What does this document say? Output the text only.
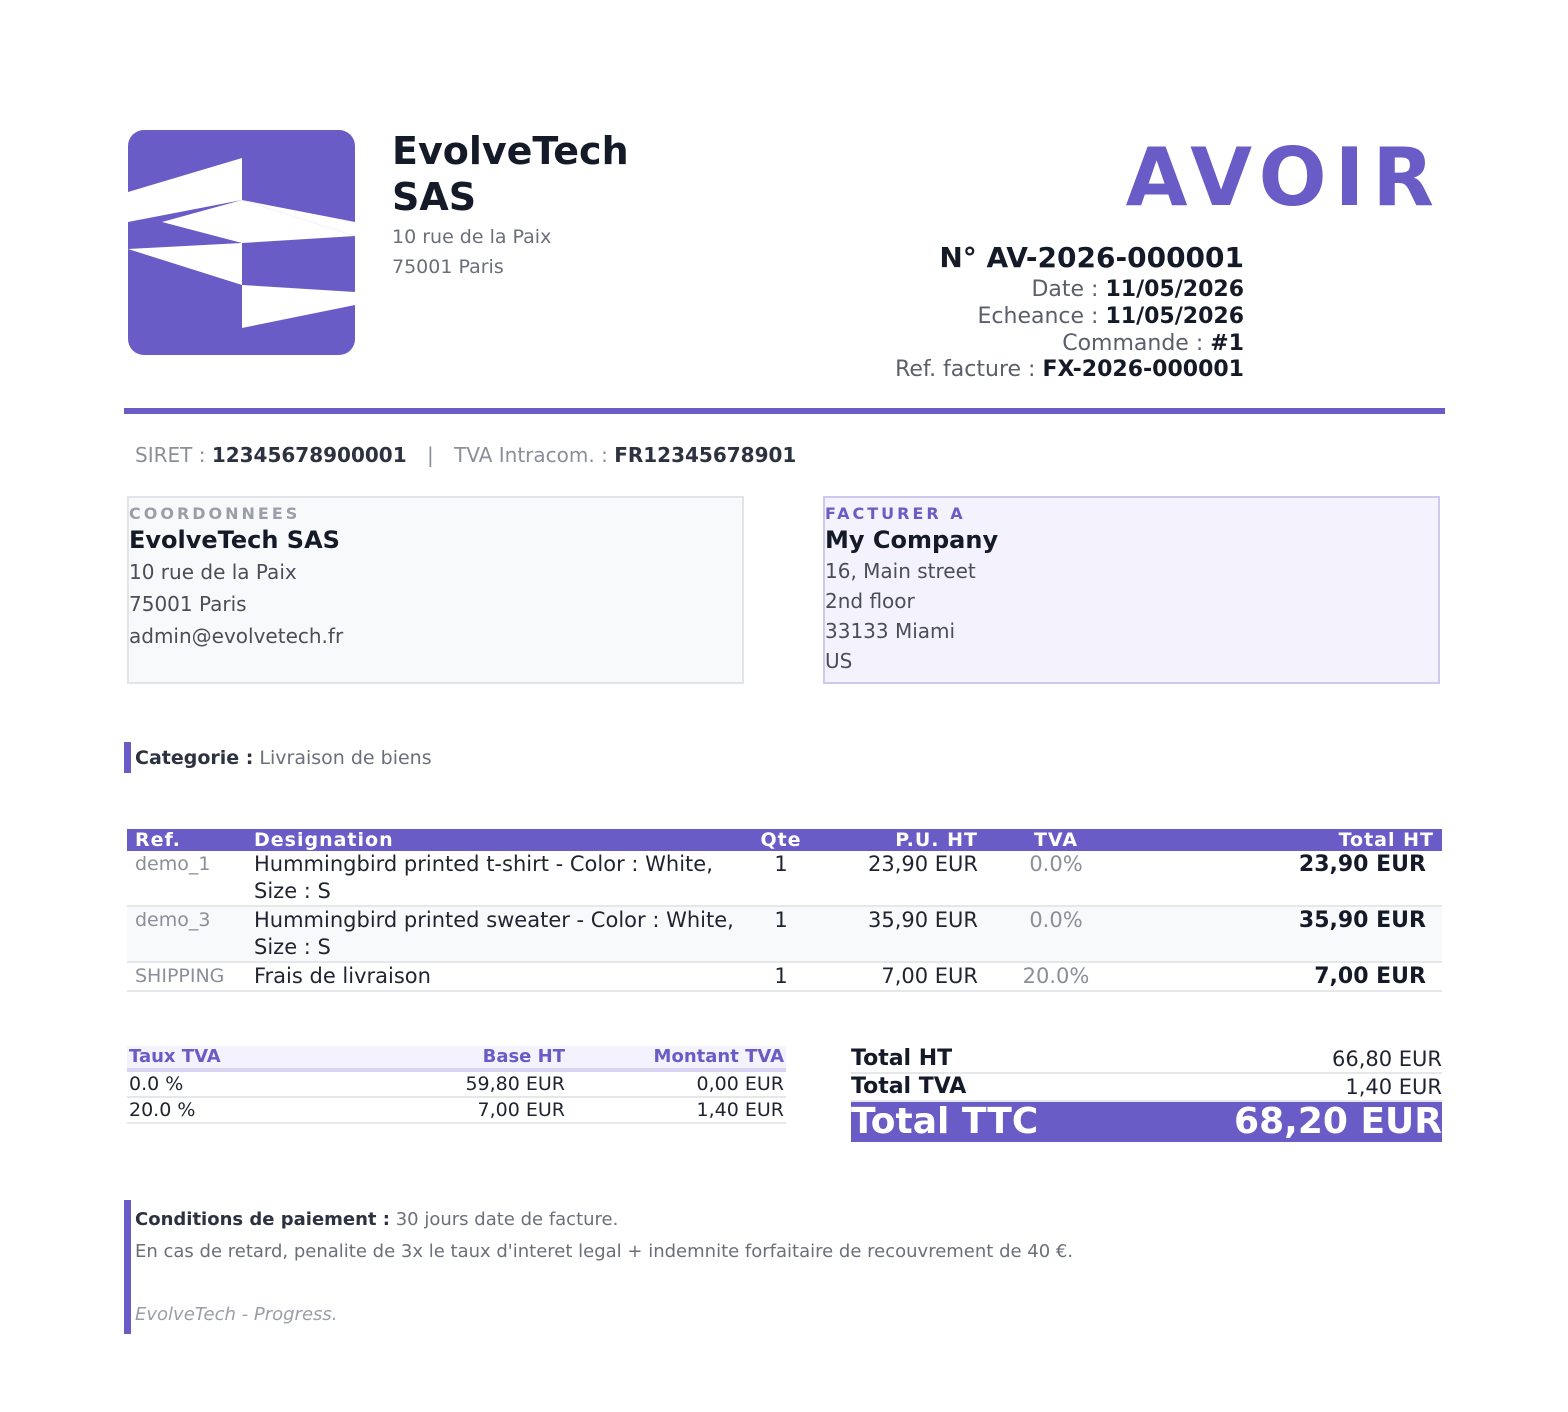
EvolveTech SAS
10 rue de la Paix
75001 Paris
AVOIR
N° AV-2026-000001
Date : 11/05/2026
Echeance : 11/05/2026
Commande : #1
Ref. facture : FX-2026-000001
SIRET : 12345678900001 | TVA Intracom. : FR12345678901
COORDONNEES
EvolveTech SAS
10 rue de la Paix
75001 Paris
admin@evolvetech.fr
FACTURER A
My Company
16, Main street
2nd floor
33133 Miami
US
Categorie : Livraison de biens
Ref.	Designation	Qte	P.U. HT	TVA	Total HT
demo_1	Hummingbird printed t-shirt - Color : White, Size : S	1	23,90 EUR	0.0%	23,90 EUR
demo_3	Hummingbird printed sweater - Color : White, Size : S	1	35,90 EUR	0.0%	35,90 EUR
SHIPPING	Frais de livraison	1	7,00 EUR	20.0%	7,00 EUR
Taux TVA	Base HT	Montant TVA
0.0 %	59,80 EUR	0,00 EUR
20.0 %	7,00 EUR	1,40 EUR
Total HT	66,80 EUR
Total TVA	1,40 EUR
Total TTC	68,20 EUR
Conditions de paiement : 30 jours date de facture.
En cas de retard, penalite de 3x le taux d'interet legal + indemnite forfaitaire de recouvrement de 40 €.
EvolveTech - Progress.
